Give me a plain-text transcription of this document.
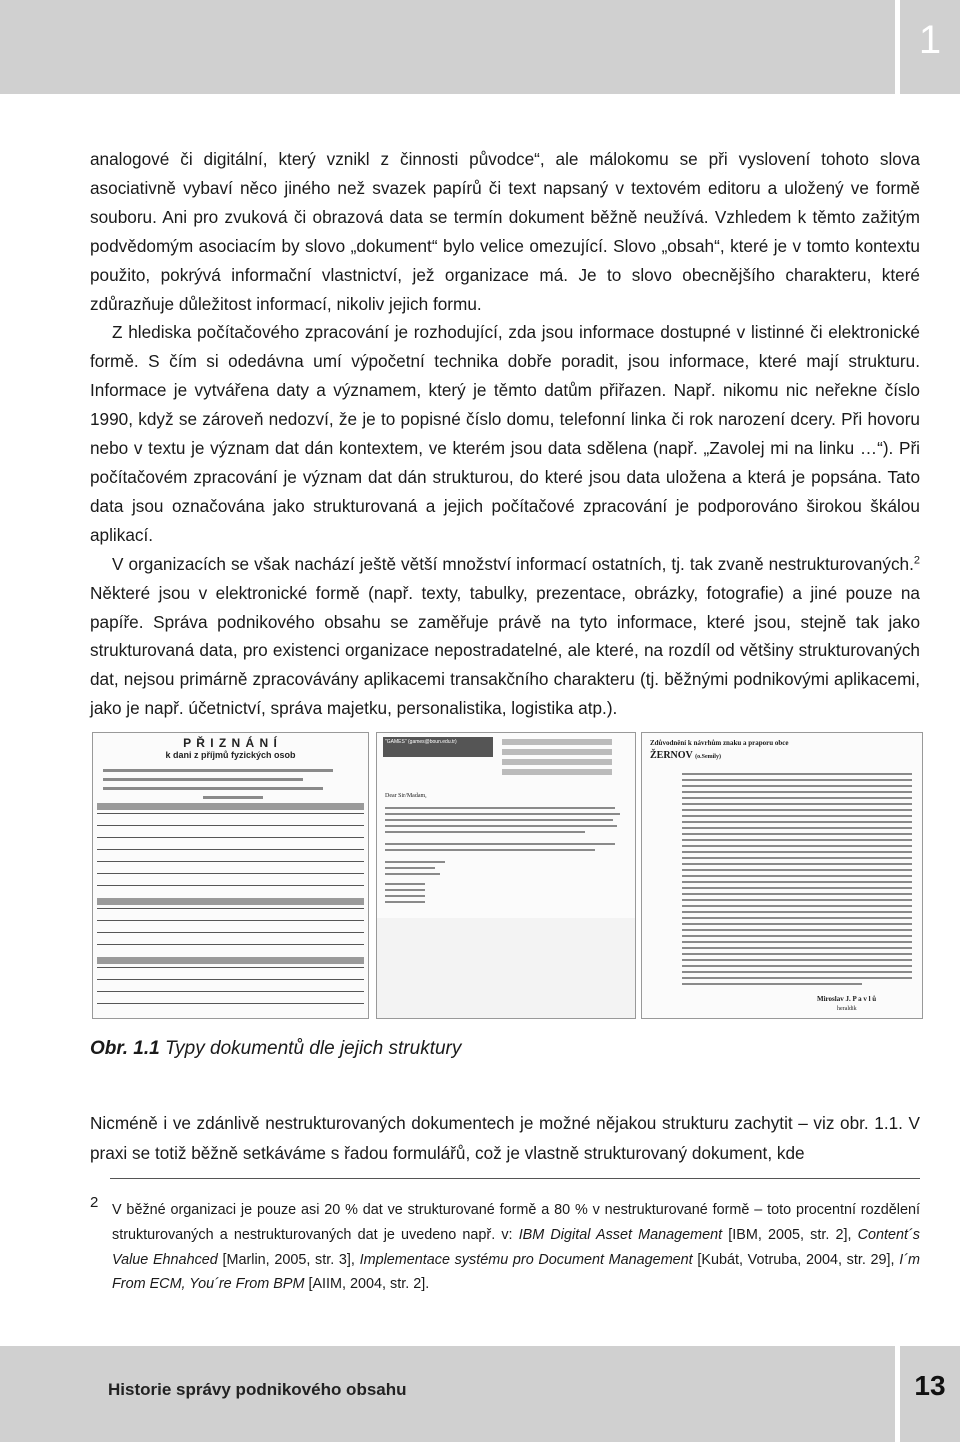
1

analogové či digitální, který vznikl z činnosti původce“, ale málokomu se při vyslovení tohoto slova asociativně vybaví něco jiného než svazek papírů či text napsaný v textovém editoru a uložený ve formě souboru. Ani pro zvuková či obrazová data se termín dokument běžně neužívá. Vzhledem k těmto zažitým podvědomým asociacím by slovo „dokument“ bylo velice omezující. Slovo „obsah“, které je v tomto kontextu použito, pokrývá informační vlastnictví, jež organizace má. Je to slovo obecnějšího charakteru, které zdůrazňuje důležitost informací, nikoliv jejich formu.

Z hlediska počítačového zpracování je rozhodující, zda jsou informace dostupné v listinné či elektronické formě. S čím si odedávna umí výpočetní technika dobře poradit, jsou informace, které mají strukturu. Informace je vytvářena daty a významem, který je těmto datům přiřazen. Např. nikomu nic neřekne číslo 1990, když se zároveň nedozví, že je to popisné číslo domu, telefonní linka či rok narození dcery. Při hovoru nebo v textu je význam dat dán kontextem, ve kterém jsou data sdělena (např. „Zavolej mi na linku …“). Při počítačovém zpracování je význam dat dán strukturou, do které jsou data uložena a která je popsána. Tato data jsou označována jako strukturovaná a jejich počítačové zpracování je podporováno širokou škálou aplikací.

V organizacích se však nachází ještě větší množství informací ostatních, tj. tak zvaně nestrukturovaných.$^2$ Některé jsou v elektronické formě (např. texty, tabulky, prezentace, obrázky, fotografie) a jiné pouze na papíře. Správa podnikového obsahu se zaměřuje právě na tyto informace, které jsou, stejně tak jako strukturovaná data, pro existenci organizace nepostradatelné, ale které, na rozdíl od většiny strukturovaných dat, nejsou primárně zpracovávány aplikacemi transakčního charakteru (tj. běžnými podnikovými aplikacemi, jako je např. účetnictví, správa majetku, personalistika, logistika atp.).

P Ř I Z N Á N Í
k dani z příjmů fyzických osob
"GAMES" (games@boun.edu.tr)
Dear Sir/Madam,
Zdůvodnění k návrhům znaku a praporu obce
ŽERNOV (o.Semily)
Miroslav J. P a v l ů
heraldik
Obr. 1.1 Typy dokumentů dle jejich struktury
Nicméně i ve zdánlivě nestrukturovaných dokumentech je možné nějakou strukturu zachytit – viz obr. 1.1. V praxi se totiž běžně setkáváme s řadou formulářů, což je vlastně strukturovaný dokument, kde
2 V běžné organizaci je pouze asi 20 % dat ve strukturované formě a 80 % v nestrukturované formě – toto procentní rozdělení strukturovaných a nestrukturovaných dat je uvedeno např. v: IBM Digital Asset Management [IBM, 2005, str. 2], Content´s Value Ehnahced [Marlin, 2005, str. 3], Implementace systému pro Document Management [Kubát, Votruba, 2004, str. 29], I´m From ECM, You´re From BPM [AIIM, 2004, str. 2].
Historie správy podnikového obsahu	13
